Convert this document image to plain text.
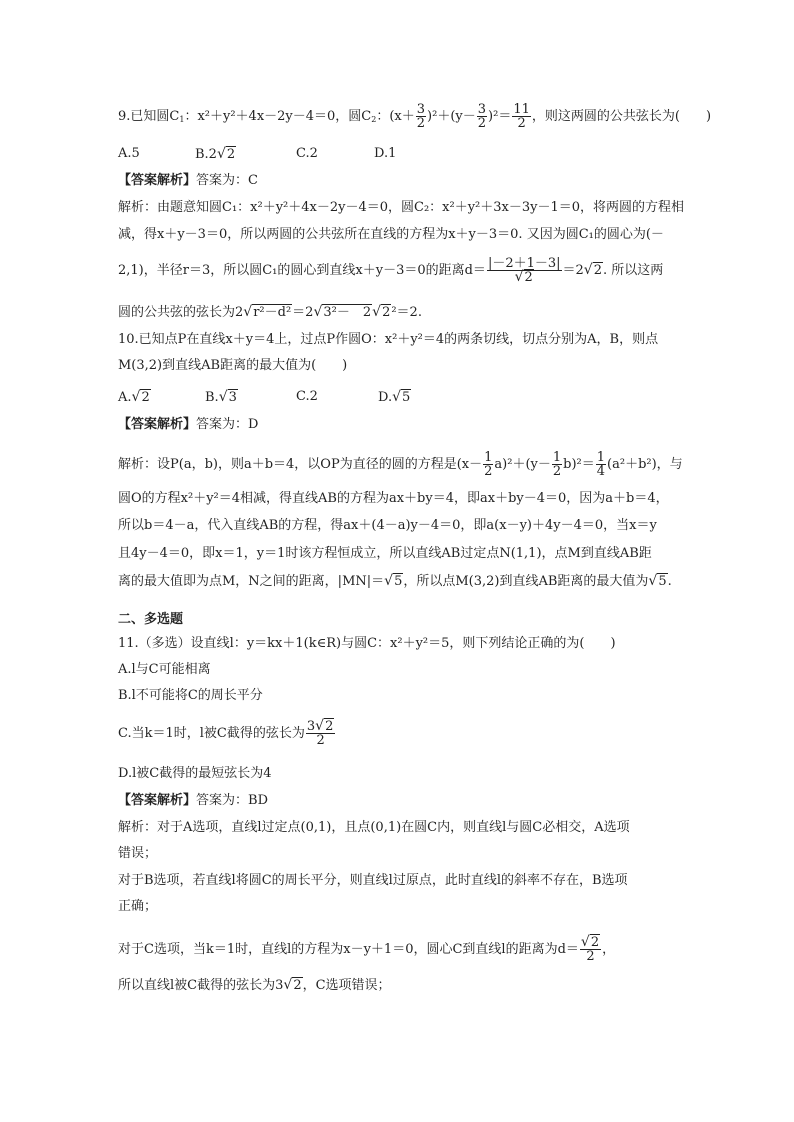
9.已知圆$C_1$：x²＋y²＋4x－2y－4＝0，圆$C_2$：$(x+ \frac{3}{2} )^2+(y- \frac{3}{2} )^2= \frac{11}{2}$ ，则这两圆的公共弦长为(　　)
A.5	B.2√2	C.2	D.1
【答案解析】答案为：C
解析：由题意知圆C₁：x²＋y²＋4x－2y－4＝0，圆C₂：x²＋y²＋3x－3y－1＝0，将两圆的方程相
减，得x＋y－3＝0，所以两圆的公共弦所在直线的方程为x＋y－3＝0. 又因为圆C₁的圆心为(－
2,1)，半径r＝3，所以圆C₁的圆心到直线x＋y－3＝0的距离$d= \frac{|-2+1-3|}{√2} =2√2$. 所以这两
圆的公共弦的弦长为2√r²－d²＝2√3²－　2√2²＝2.
10.已知点P在直线x＋y＝4上，过点P作圆O：x²＋y²＝4的两条切线，切点分别为A，B，则点
M(3,2)到直线AB距离的最大值为(　　)
A.√2	B.√3	C.2	D.√5
【答案解析】答案为：D
解析：设P(a，b)，则a＋b＝4，以OP为直径的圆的方程是$(x- \frac{1}{2} a)^2+(y- \frac{1}{2} b)^2= \frac{1}{4} (a^2+b^2)$，与
圆O的方程x²＋y²＝4相减，得直线AB的方程为ax＋by＝4，即ax＋by－4＝0，因为a＋b＝4，
所以b＝4－a，代入直线AB的方程，得ax＋(4－a)y－4＝0，即a(x－y)＋4y－4＝0，当x＝y
且4y－4＝0，即x＝1，y＝1时该方程恒成立，所以直线AB过定点N(1,1)，点M到直线AB距
离的最大值即为点M，N之间的距离，|MN|＝√5，所以点M(3,2)到直线AB距离的最大值为√5.
二、多选题
11.（多选）设直线l：y＝kx＋1(k∈R)与圆C：x²＋y²＝5，则下列结论正确的为(　　)
A.l与C可能相离
B.l不可能将C的周长平分
C.当k＝1时，l被C截得的弦长为 $\frac{3√2}{2}$
D.l被C截得的最短弦长为4
【答案解析】答案为：BD
解析：对于A选项，直线l过定点(0,1)，且点(0,1)在圆C内，则直线l与圆C必相交，A选项
错误；
对于B选项，若直线l将圆C的周长平分，则直线l过原点，此时直线l的斜率不存在，B选项
正确；
对于C选项，当k＝1时，直线l的方程为x－y＋1＝0，圆心C到直线l的距离为$d= \frac{√2}{2}$ ，
所以直线l被C截得的弦长为3√2，C选项错误；
